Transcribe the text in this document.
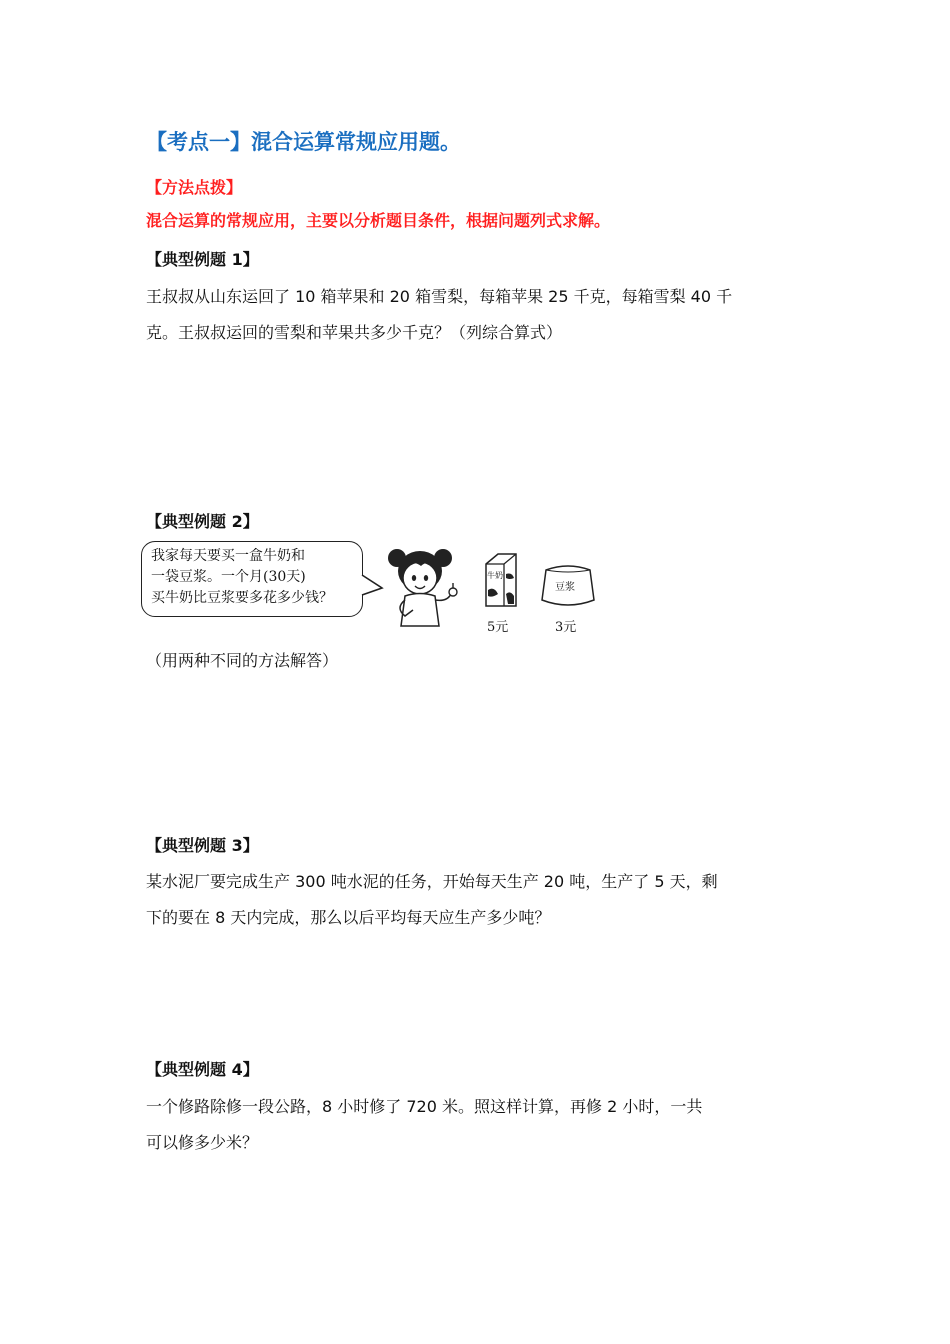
【考点一】混合运算常规应用题。
【方法点拨】
混合运算的常规应用，主要以分析题目条件，根据问题列式求解。
【典型例题 1】
王叔叔从山东运回了 10 箱苹果和 20 箱雪梨，每箱苹果 25 千克，每箱雪梨 40 千
克。王叔叔运回的雪梨和苹果共多少千克？（列综合算式）
【典型例题 2】
我家每天要买一盒牛奶和
一袋豆浆。一个月(30天)
买牛奶比豆浆要多花多少钱？
牛奶
5元
豆浆
3元
（用两种不同的方法解答）
【典型例题 3】
某水泥厂要完成生产 300 吨水泥的任务，开始每天生产 20 吨，生产了 5 天，剩
下的要在 8 天内完成，那么以后平均每天应生产多少吨？
【典型例题 4】
一个修路除修一段公路，8 小时修了 720 米。照这样计算，再修 2 小时，一共
可以修多少米？
